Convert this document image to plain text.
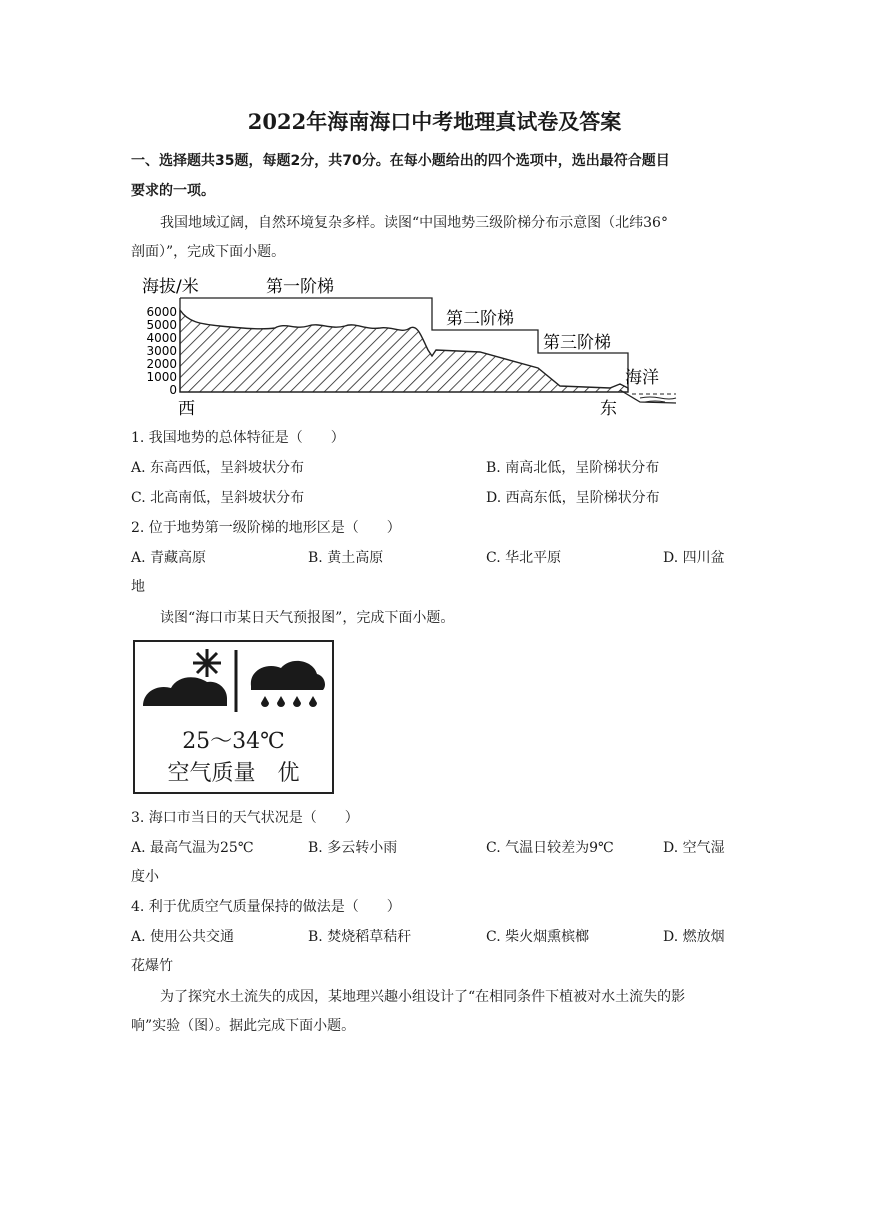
2022年海南海口中考地理真试卷及答案
一、选择题共35题，每题2分，共70分。在每小题给出的四个选项中，选出最符合题目
要求的一项。
我国地域辽阔，自然环境复杂多样。读图“中国地势三级阶梯分布示意图（北纬36°
剖面）”，完成下面小题。
海拔/米	第一阶梯
第二阶梯
第三阶梯
海洋
西	东
6000
5000
4000
3000
2000
1000
0
1. 我国地势的总体特征是（　　）
A. 东高西低，呈斜坡状分布	B. 南高北低，呈阶梯状分布
C. 北高南低，呈斜坡状分布	D. 西高东低，呈阶梯状分布
2. 位于地势第一级阶梯的地形区是（　　）
A. 青藏高原	B. 黄土高原	C. 华北平原	D. 四川盆
地
读图“海口市某日天气预报图”，完成下面小题。
25～34℃
空气质量　优
3. 海口市当日的天气状况是（　　）
A. 最高气温为25℃	B. 多云转小雨	C. 气温日较差为9℃	D. 空气湿
度小
4. 利于优质空气质量保持的做法是（　　）
A. 使用公共交通	B. 焚烧稻草秸秆	C. 柴火烟熏槟榔	D. 燃放烟
花爆竹
为了探究水土流失的成因，某地理兴趣小组设计了“在相同条件下植被对水土流失的影
响”实验（图）。据此完成下面小题。
